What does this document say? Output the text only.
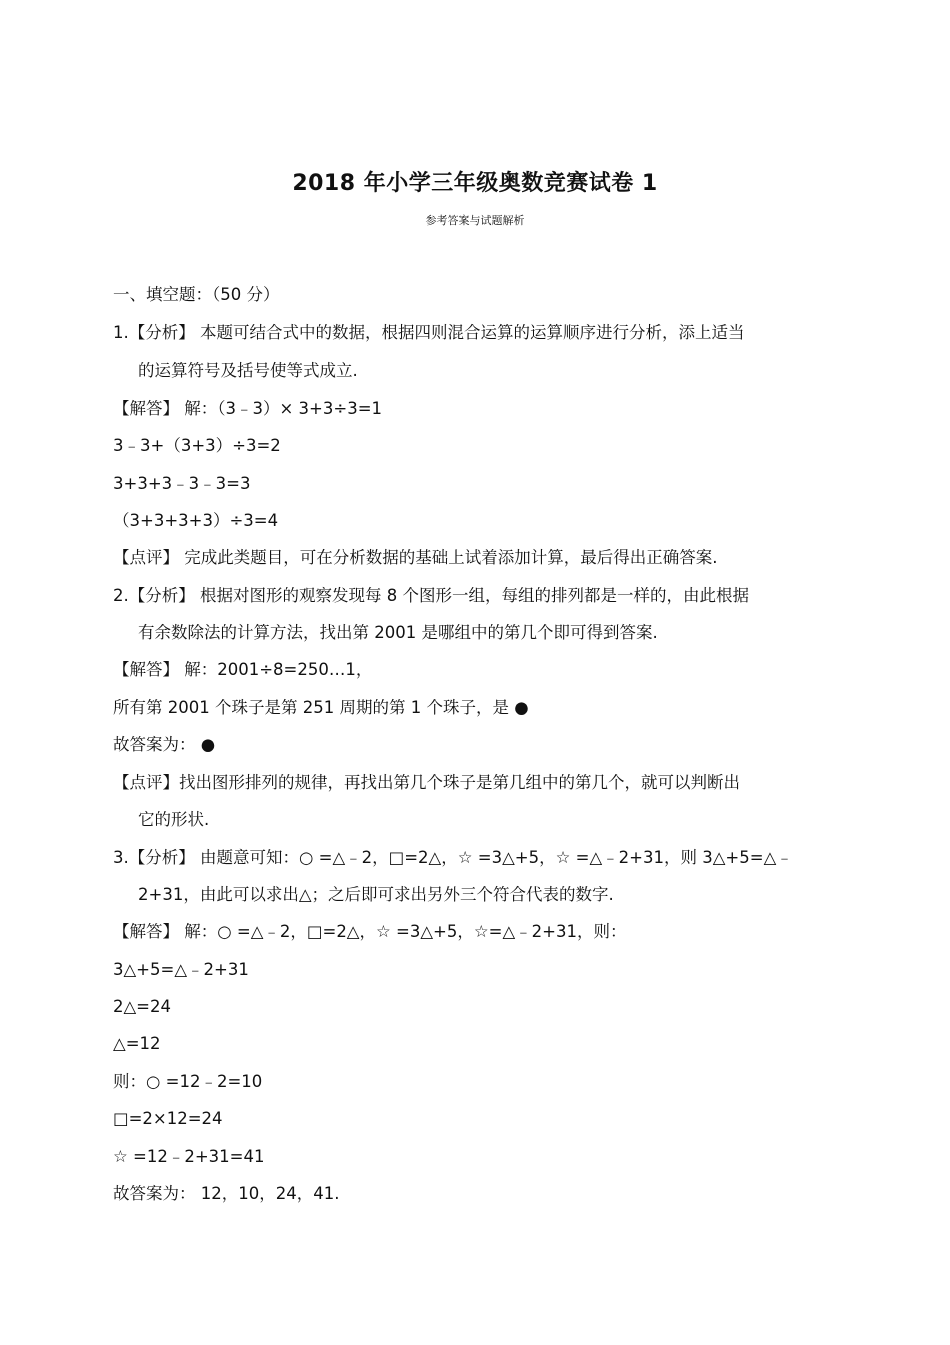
2018 年小学三年级奥数竞赛试卷 1
参考答案与试题解析
一、填空题：（50 分）
1.【分析】 本题可结合式中的数据，根据四则混合运算的运算顺序进行分析，添上适当
的运算符号及括号使等式成立.
【解答】 解：（3﹣3）× 3+3÷3=1
3﹣3+（3+3）÷3=2
3+3+3﹣3﹣3=3
（3+3+3+3）÷3=4
【点评】 完成此类题目，可在分析数据的基础上试着添加计算，最后得出正确答案.
2.【分析】 根据对图形的观察发现每 8 个图形一组，每组的排列都是一样的，由此根据
有余数除法的计算方法，找出第 2001 是哪组中的第几个即可得到答案.
【解答】 解：2001÷8=250…1，
所有第 2001 个珠子是第 251 周期的第 1 个珠子，是 ●
故答案为： ●
【点评】找出图形排列的规律，再找出第几个珠子是第几组中的第几个，就可以判断出
它的形状.
3.【分析】 由题意可知：○ =△﹣2，□=2△，☆ =3△+5，☆ =△﹣2+31，则 3△+5=△﹣
2+31，由此可以求出△；之后即可求出另外三个符合代表的数字.
【解答】 解：○ =△﹣2，□=2△，☆ =3△+5，☆=△﹣2+31，则：
3△+5=△﹣2+31
2△=24
△=12
则：○ =12﹣2=10
□=2×12=24
☆ =12﹣2+31=41
故答案为： 12，10，24，41.
